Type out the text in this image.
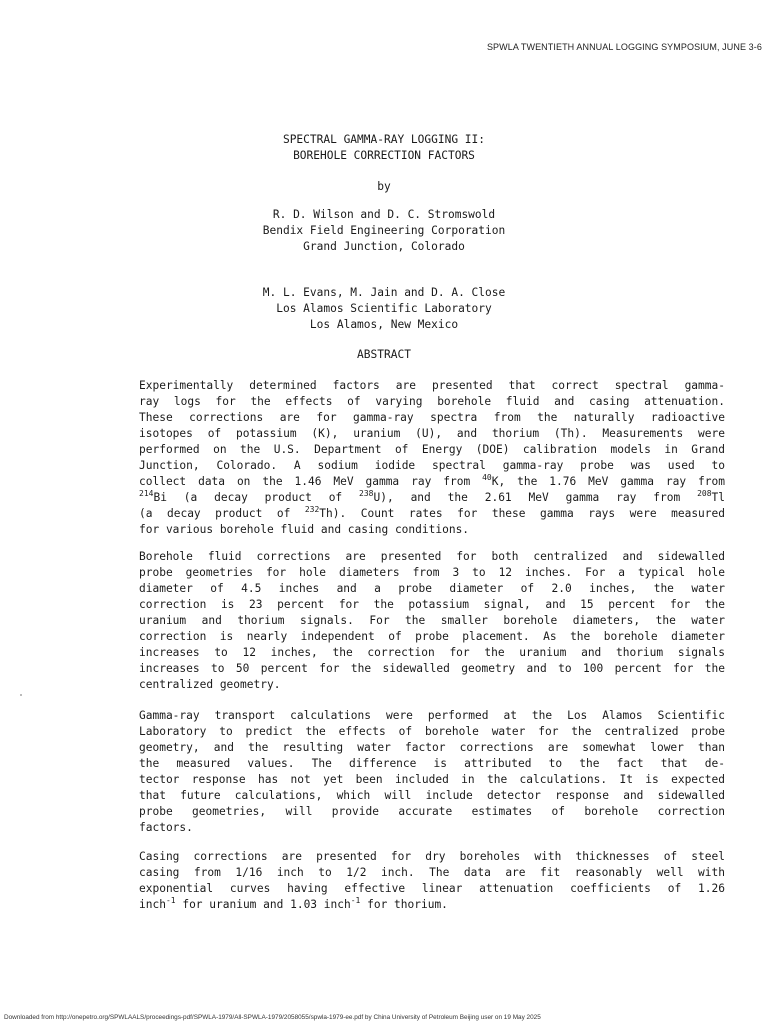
SPWLA TWENTIETH ANNUAL LOGGING SYMPOSIUM, JUNE 3-6
SPECTRAL GAMMA-RAY LOGGING II:
BOREHOLE CORRECTION FACTORS
by
R. D. Wilson and D. C. Stromswold
Bendix Field Engineering Corporation
Grand Junction, Colorado
M. L. Evans, M. Jain and D. A. Close
Los Alamos Scientific Laboratory
Los Alamos, New Mexico
ABSTRACT

Experimentally determined factors are presented that correct spectral gamma-
ray logs for the effects of varying borehole fluid and casing attenuation.
These corrections are for gamma-ray spectra from the naturally radioactive
isotopes of potassium (K), uranium (U), and thorium (Th). Measurements were
performed on the U.S. Department of Energy (DOE) calibration models in Grand
Junction, Colorado. A sodium iodide spectral gamma-ray probe was used to
collect data on the 1.46 MeV gamma ray from $^{40}$K, the 1.76 MeV gamma ray from
$^{214}$Bi (a decay product of $^{238}$U), and the 2.61 MeV gamma ray from $^{208}$Tl
(a decay product of $^{232}$Th). Count rates for these gamma rays were measured
for various borehole fluid and casing conditions.

Borehole fluid corrections are presented for both centralized and sidewalled
probe geometries for hole diameters from 3 to 12 inches. For a typical hole
diameter of 4.5 inches and a probe diameter of 2.0 inches, the water
correction is 23 percent for the potassium signal, and 15 percent for the
uranium and thorium signals. For the smaller borehole diameters, the water
correction is nearly independent of probe placement. As the borehole diameter
increases to 12 inches, the correction for the uranium and thorium signals
increases to 50 percent for the sidewalled geometry and to 100 percent for the
centralized geometry.

Gamma-ray transport calculations were performed at the Los Alamos Scientific
Laboratory to predict the effects of borehole water for the centralized probe
geometry, and the resulting water factor corrections are somewhat lower than
the measured values. The difference is attributed to the fact that de-
tector response has not yet been included in the calculations. It is expected
that future calculations, which will include detector response and sidewalled
probe geometries, will provide accurate estimates of borehole correction
factors.

Casing corrections are presented for dry boreholes with thicknesses of steel
casing from 1/16 inch to 1/2 inch. The data are fit reasonably well with
exponential curves having effective linear attenuation coefficients of 1.26
inch$^{-1}$ for uranium and 1.03 inch$^{-1}$ for thorium.

Downloaded from http://onepetro.org/SPWLAALS/proceedings-pdf/SPWLA-1979/All-SPWLA-1979/2058055/spwla-1979-ee.pdf by China University of Petroleum Beijing user on 19 May 2025
